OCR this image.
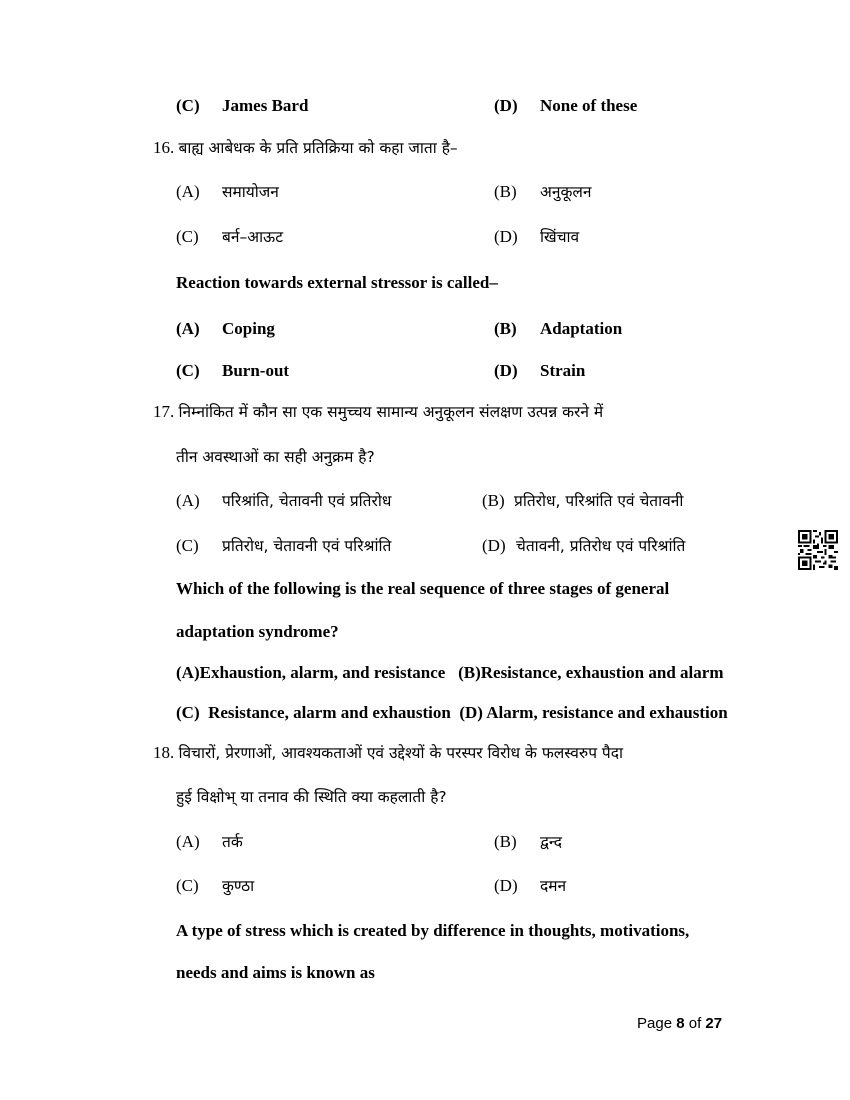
(C) James Bard	(D) None of these
16. बाह्य आबेधक के प्रति प्रतिक्रिया को कहा जाता है–
(A) समायोजन	(B) अनुकूलन
(C) बर्न–आऊट	(D) खिंचाव
Reaction towards external stressor is called–
(A) Coping	(B) Adaptation
(C) Burn-out	(D) Strain
17. निम्नांकित में कौन सा एक समुच्चय सामान्य अनुकूलन संलक्षण उत्पन्न करने में
तीन अवस्थाओं का सही अनुक्रम है?
(A) परिश्रांति, चेतावनी एवं प्रतिरोध	(B) प्रतिरोध, परिश्रांति एवं चेतावनी
(C) प्रतिरोध, चेतावनी एवं परिश्रांति	(D) चेतावनी, प्रतिरोध एवं परिश्रांति
Which of the following is the real sequence of three stages of general
adaptation syndrome?
(A)Exhaustion, alarm, and resistance   (B)Resistance, exhaustion and alarm
(C)  Resistance, alarm and exhaustion  (D) Alarm, resistance and exhaustion
18. विचारों, प्रेरणाओं, आवश्यकताओं एवं उद्देश्यों के परस्पर विरोध के फलस्वरुप पैदा
हुई विक्षोभ् या तनाव की स्थिति क्या कहलाती है?
(A) तर्क	(B) द्वन्द
(C) कुण्ठा	(D) दमन
A type of stress which is created by difference in thoughts, motivations,
needs and aims is known as
Page 8 of 27
